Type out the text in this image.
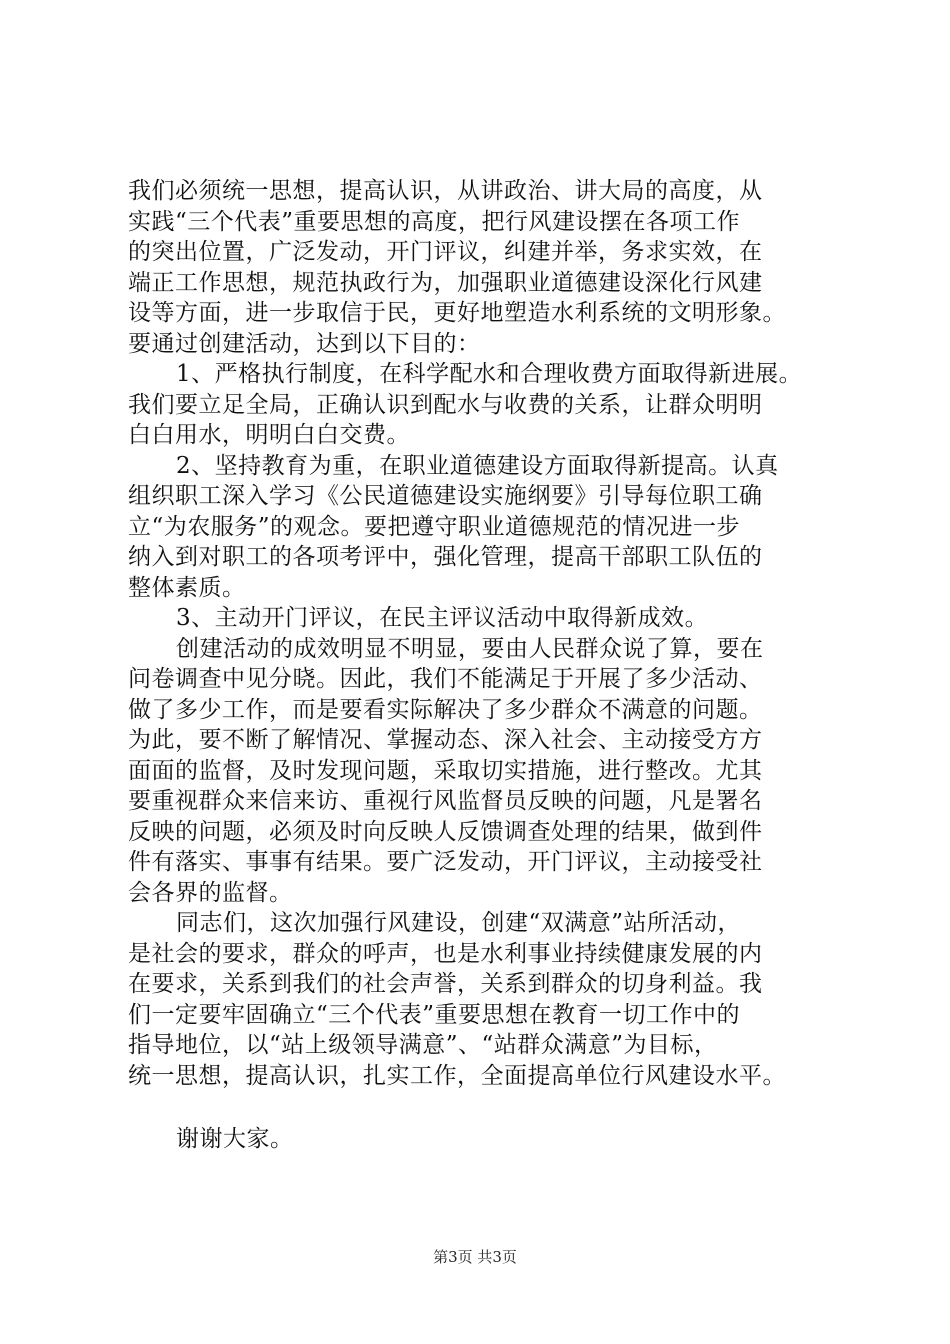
我们必须统一思想，提高认识，从讲政治、讲大局的高度，从
实践“三个代表”重要思想的高度，把行风建设摆在各项工作
的突出位置，广泛发动，开门评议，纠建并举，务求实效，在
端正工作思想，规范执政行为，加强职业道德建设深化行风建
设等方面，进一步取信于民，更好地塑造水利系统的文明形象。
要通过创建活动，达到以下目的：
1、严格执行制度，在科学配水和合理收费方面取得新进展。
我们要立足全局，正确认识到配水与收费的关系，让群众明明
白白用水，明明白白交费。
2、坚持教育为重，在职业道德建设方面取得新提高。认真
组织职工深入学习《公民道德建设实施纲要》引导每位职工确
立“为农服务”的观念。要把遵守职业道德规范的情况进一步
纳入到对职工的各项考评中，强化管理，提高干部职工队伍的
整体素质。
3、主动开门评议，在民主评议活动中取得新成效。
创建活动的成效明显不明显，要由人民群众说了算，要在
问卷调查中见分晓。因此，我们不能满足于开展了多少活动、
做了多少工作，而是要看实际解决了多少群众不满意的问题。
为此，要不断了解情况、掌握动态、深入社会、主动接受方方
面面的监督，及时发现问题，采取切实措施，进行整改。尤其
要重视群众来信来访、重视行风监督员反映的问题，凡是署名
反映的问题，必须及时向反映人反馈调查处理的结果，做到件
件有落实、事事有结果。要广泛发动，开门评议，主动接受社
会各界的监督。
同志们，这次加强行风建设，创建“双满意”站所活动，
是社会的要求，群众的呼声，也是水利事业持续健康发展的内
在要求，关系到我们的社会声誉，关系到群众的切身利益。我
们一定要牢固确立“三个代表”重要思想在教育一切工作中的
指导地位，以“站上级领导满意”、“站群众满意”为目标，
统一思想，提高认识，扎实工作，全面提高单位行风建设水平。
谢谢大家。
第3页 共3页
